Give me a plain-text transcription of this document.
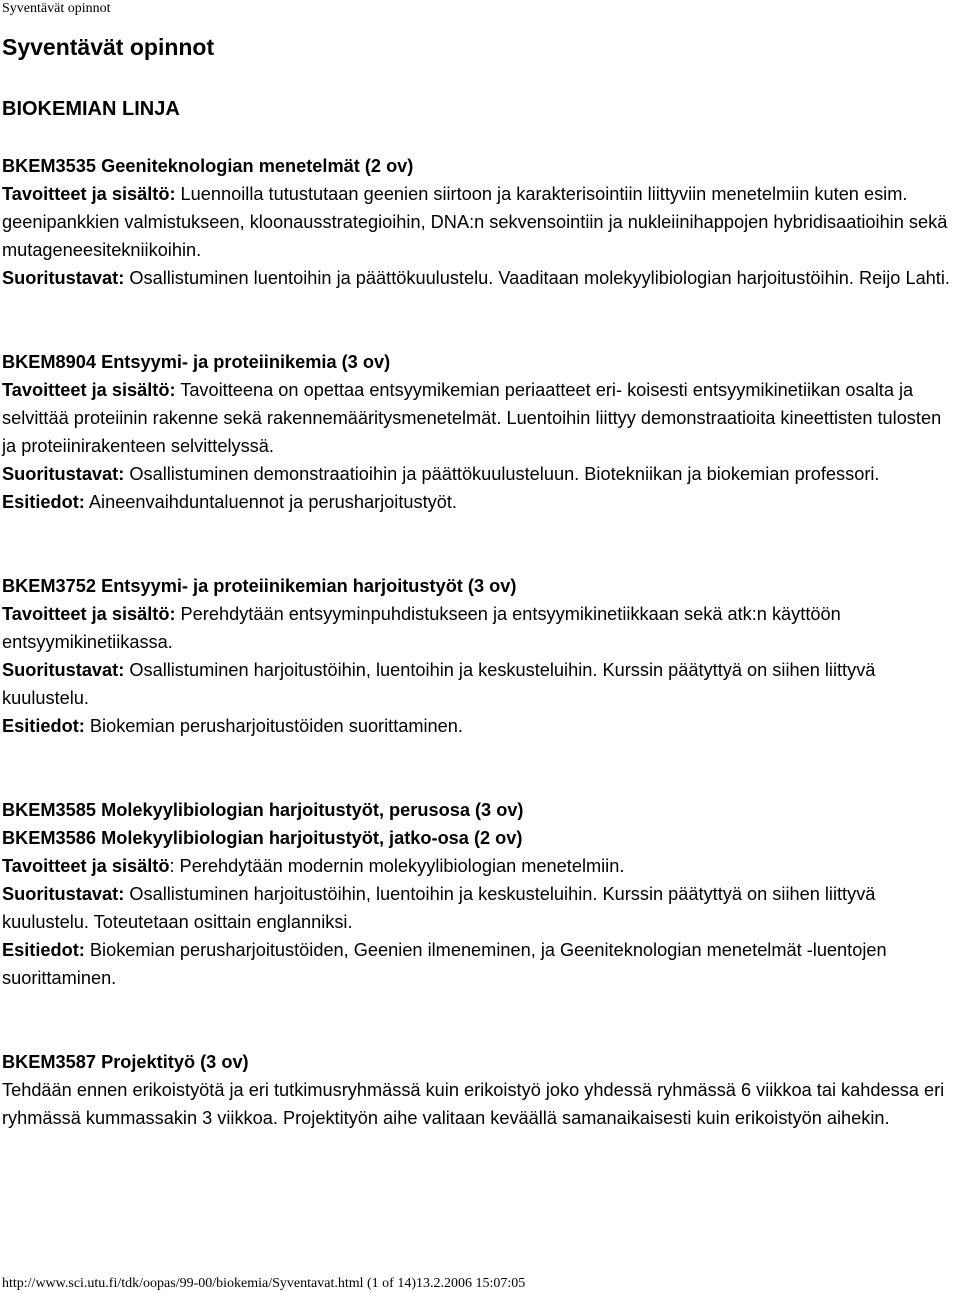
Syventävät opinnot
Syventävät opinnot
BIOKEMIAN LINJA
BKEM3535 Geeniteknologian menetelmät (2 ov)

Tavoitteet ja sisältö: Luennoilla tutustutaan geenien siirtoon ja karakterisointiin liittyviin menetelmiin kuten esim. geenipankkien valmistukseen, kloonausstrategioihin, DNA:n sekvensointiin ja nukleiinihappojen hybridisaatioihin sekä mutageneesitekniikoihin.

Suoritustavat: Osallistuminen luentoihin ja päättökuulustelu. Vaaditaan molekyylibiologian harjoitustöihin. Reijo Lahti.

BKEM8904 Entsyymi- ja proteiinikemia (3 ov)

Tavoitteet ja sisältö: Tavoitteena on opettaa entsyymikemian periaatteet eri- koisesti entsyymikinetiikan osalta ja selvittää proteiinin rakenne sekä rakennemääritysmenetelmät. Luentoihin liittyy demonstraatioita kineettisten tulosten ja proteiinirakenteen selvittelyssä.

Suoritustavat: Osallistuminen demonstraatioihin ja päättökuulusteluun. Biotekniikan ja biokemian professori.

Esitiedot: Aineenvaihduntaluennot ja perusharjoitustyöt.

BKEM3752 Entsyymi- ja proteiinikemian harjoitustyöt (3 ov)

Tavoitteet ja sisältö: Perehdytään entsyyminpuhdistukseen ja entsyymikinetiikkaan sekä atk:n käyttöön entsyymikinetiikassa.

Suoritustavat: Osallistuminen harjoitustöihin, luentoihin ja keskusteluihin. Kurssin päätyttyä on siihen liittyvä kuulustelu.

Esitiedot: Biokemian perusharjoitustöiden suorittaminen.

BKEM3585 Molekyylibiologian harjoitustyöt, perusosa (3 ov)
BKEM3586 Molekyylibiologian harjoitustyöt, jatko-osa (2 ov)

Tavoitteet ja sisältö: Perehdytään modernin molekyylibiologian menetelmiin.

Suoritustavat: Osallistuminen harjoitustöihin, luentoihin ja keskusteluihin. Kurssin päätyttyä on siihen liittyvä kuulustelu. Toteutetaan osittain englanniksi.

Esitiedot: Biokemian perusharjoitustöiden, Geenien ilmeneminen, ja Geeniteknologian menetelmät -luentojen suorittaminen.

BKEM3587 Projektityö (3 ov)

Tehdään ennen erikoistyötä ja eri tutkimusryhmässä kuin erikoistyö joko yhdessä ryhmässä 6 viikkoa tai kahdessa eri ryhmässä kummassakin 3 viikkoa. Projektityön aihe valitaan keväällä samanaikaisesti kuin erikoistyön aihekin.

http://www.sci.utu.fi/tdk/oopas/99-00/biokemia/Syventavat.html (1 of 14)13.2.2006 15:07:05
